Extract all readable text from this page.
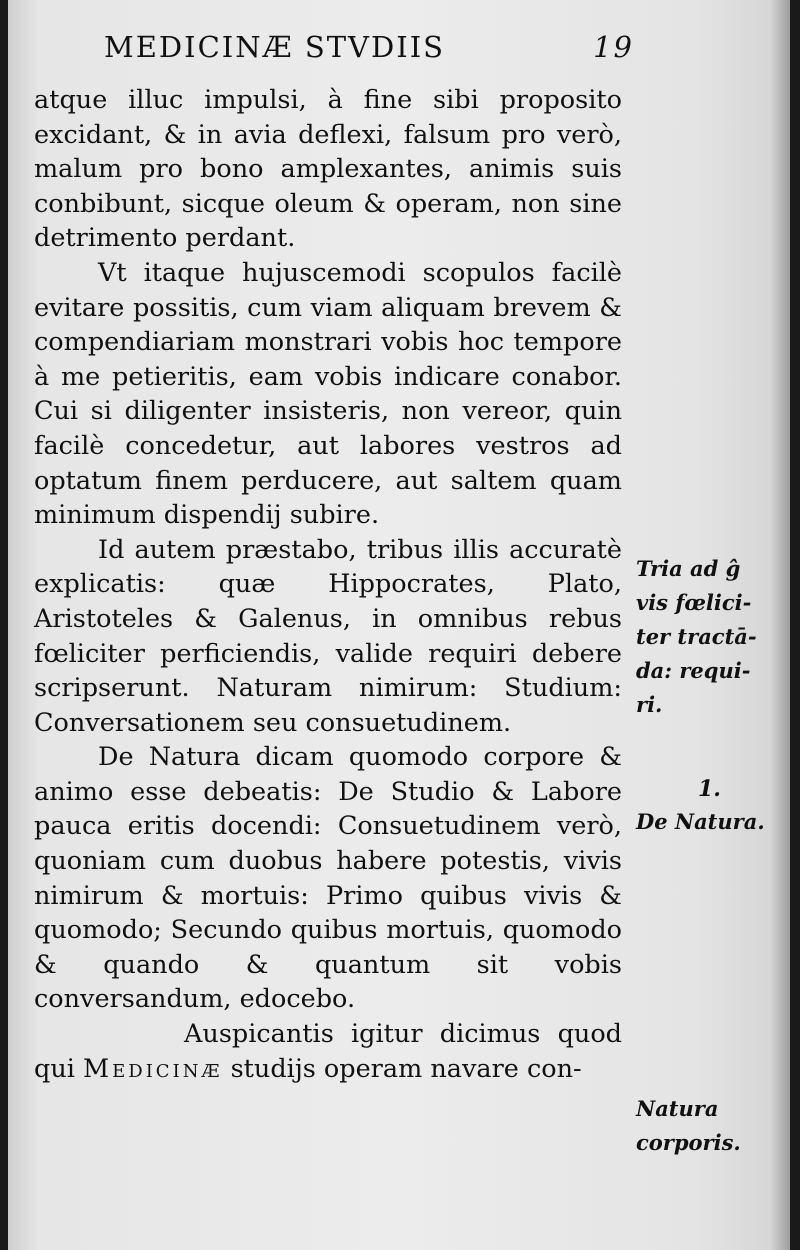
MEDICINÆ STVDIIS	19

atque illuc impulsi, à fine sibi proposito excidant, & in avia deflexi, falsum pro verò, malum pro bono amplexantes, animis suis conbibunt, sicque oleum & operam, non sine detrimento perdant.

Vt itaque hujuscemodi scopulos facilè evitare possitis, cum viam aliquam brevem & compendiariam monstrari vobis hoc tempore à me petieritis, eam vobis indicare conabor. Cui si diligenter insisteris, non vereor, quin facilè concedetur, aut labores vestros ad optatum finem perducere, aut saltem quam minimum dispendij subire.

Id autem præstabo, tribus illis accuratè explicatis: quæ Hippocrates, Plato, Aristoteles & Galenus, in omnibus rebus fœliciter perficiendis, valide requiri debere scripserunt. Naturam nimirum: Studium: Conversationem seu consuetudinem.

De Natura dicam quomodo corpore & animo esse debeatis: De Studio & Labore pauca eritis docendi: Consuetudinem verò, quoniam cum duobus habere potestis, vivis nimirum & mortuis: Primo quibus vivis & quomodo; Secundo quibus mortuis, quomodo & quando & quantum sit vobis conversandum, edocebo.

Auspicantis igitur dicimus quod qui Medicinæ studijs operam navare con-

Tria ad ĝ
vis fœlici-
ter tractā-
da: requi-
ri.
1.
De Natura.
Natura
corporis.
